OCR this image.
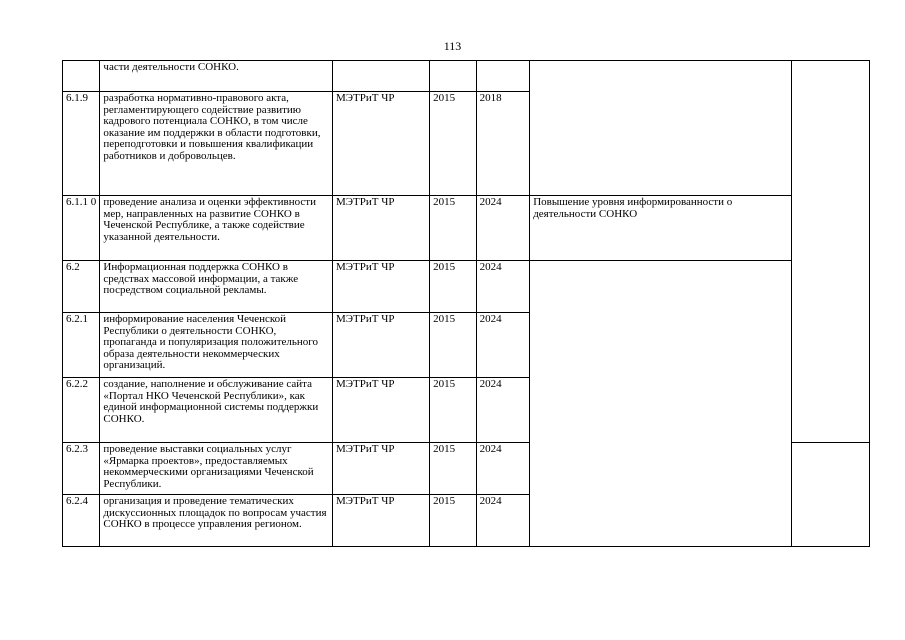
113
	части деятельности СОНКО.					
6.1.9	разработка нормативно-правового акта, регламентирующего содействие развитию кадрового потенциала СОНКО, в том числе оказание им поддержки в области подготовки, переподготовки и повышения квалификации работников и добровольцев.	МЭТРиТ ЧР	2015	2018		
6.1.1 0	проведение анализа и оценки эффективности мер, направленных на развитие СОНКО в Чеченской Республике, а также содействие указанной деятельности.	МЭТРиТ ЧР	2015	2024	Повышение уровня информированности о деятельности СОНКО	
6.2	Информационная поддержка СОНКО в средствах массовой информации, а также посредством социальной рекламы.	МЭТРиТ ЧР	2015	2024		
6.2.1	информирование населения Чеченской Республики о деятельности СОНКО, пропаганда и популяризация положительного образа деятельности некоммерческих организаций.	МЭТРиТ ЧР	2015	2024		
6.2.2	создание, наполнение и обслуживание сайта «Портал НКО Чеченской Республики», как единой информационной системы поддержки СОНКО.	МЭТРиТ ЧР	2015	2024		
6.2.3	проведение выставки социальных услуг «Ярмарка проектов», предоставляемых некоммерческими организациями Чеченской Республики.	МЭТРиТ ЧР	2015	2024		
6.2.4	организация и проведение тематических дискуссионных площадок по вопросам участия СОНКО в процессе управления регионом.	МЭТРиТ ЧР	2015	2024		
